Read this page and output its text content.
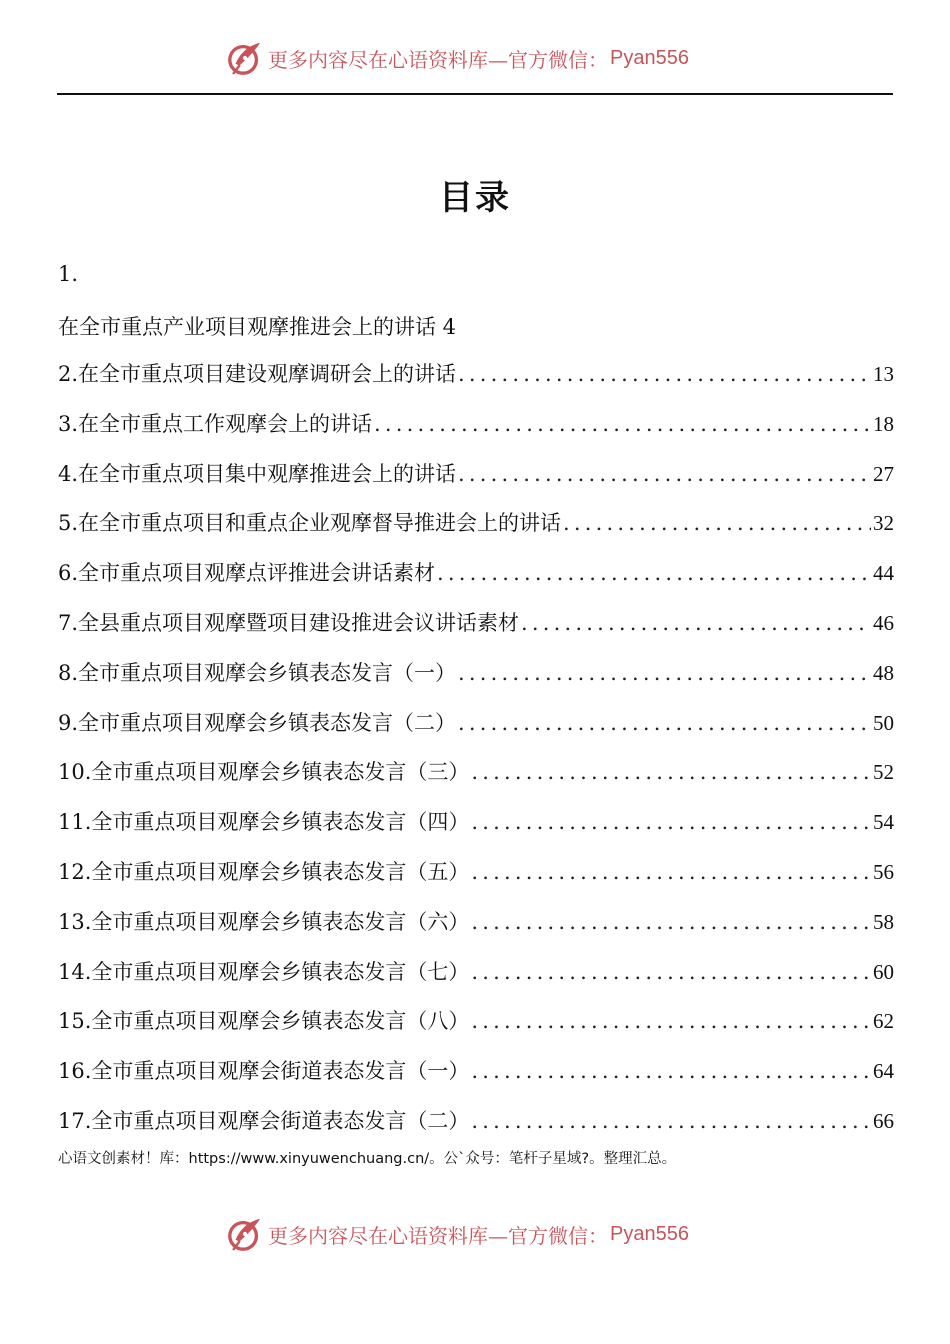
更多内容尽在心语资料库—官方微信： Pyan556
目录
1.
在全市重点产业项目观摩推进会上的讲话 4
2.在全市重点项目建设观摩调研会上的讲话 .....	13
3.在全市重点工作观摩会上的讲话 .....	18
4.在全市重点项目集中观摩推进会上的讲话 .....	27
5.在全市重点项目和重点企业观摩督导推进会上的讲话 .....	32
6.全市重点项目观摩点评推进会讲话素材 .....	44
7.全县重点项目观摩暨项目建设推进会议讲话素材 .....	46
8.全市重点项目观摩会乡镇表态发言（一） .....	48
9.全市重点项目观摩会乡镇表态发言（二） .....	50
10.全市重点项目观摩会乡镇表态发言（三） .....	52
11.全市重点项目观摩会乡镇表态发言（四） .....	54
12.全市重点项目观摩会乡镇表态发言（五） .....	56
13.全市重点项目观摩会乡镇表态发言（六） .....	58
14.全市重点项目观摩会乡镇表态发言（七） .....	60
15.全市重点项目观摩会乡镇表态发言（八） .....	62
16.全市重点项目观摩会街道表态发言（一） .....	64
17.全市重点项目观摩会街道表态发言（二） .....	66
心语文创素材！库：https://www.xinyuwenchuang.cn/。公`众号：笔杆子星域?。整理汇总。
更多内容尽在心语资料库—官方微信： Pyan556
